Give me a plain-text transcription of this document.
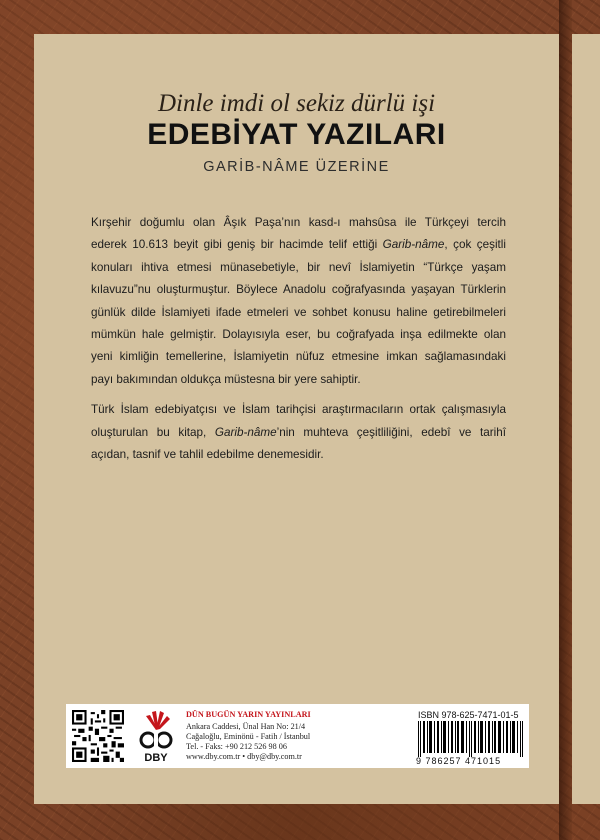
Dinle imdi ol sekiz dürlü işi
EDEBİYAT YAZILARI
GARİB-NÂME ÜZERİNE

Kırşehir doğumlu olan Âşık Paşa’nın kasd-ı mahsûsa ile Türkçeyi tercih
ederek 10.613 beyit gibi geniş bir hacimde telif ettiği Garib-nâme, çok çeşitli
konuları ihtiva etmesi münasebetiyle, bir nevî İslamiyetin “Türkçe yaşam
kılavuzu”nu oluşturmuştur. Böylece Anadolu coğrafyasında yaşayan Türklerin
günlük dilde İslamiyeti ifade etmeleri ve sohbet konusu haline getirebilmeleri
mümkün hale gelmiştir. Dolayısıyla eser, bu coğrafyada inşa edilmekte olan
yeni kimliğin temellerine, İslamiyetin nüfuz etmesine imkan sağlamasındaki
payı bakımından oldukça müstesna bir yere sahiptir.

Türk İslam edebiyatçısı ve İslam tarihçisi araştırmacıların ortak çalışmasıyla
oluşturulan bu kitap, Garib-nâme’nin muhteva çeşitliliğini, edebî ve tarihî
açıdan, tasnif ve tahlil edebilme denemesidir.

DBY
DÜN BUGÜN YARIN YAYINLARI
Ankara Caddesi, Ünal Han No: 21/4
Cağaloğlu, Eminönü - Fatih / İstanbul
Tel. - Faks: +90 212 526 98 06
www.dby.com.tr • dby@dby.com.tr
ISBN 978-625-7471-01-5
9 786257 471015
